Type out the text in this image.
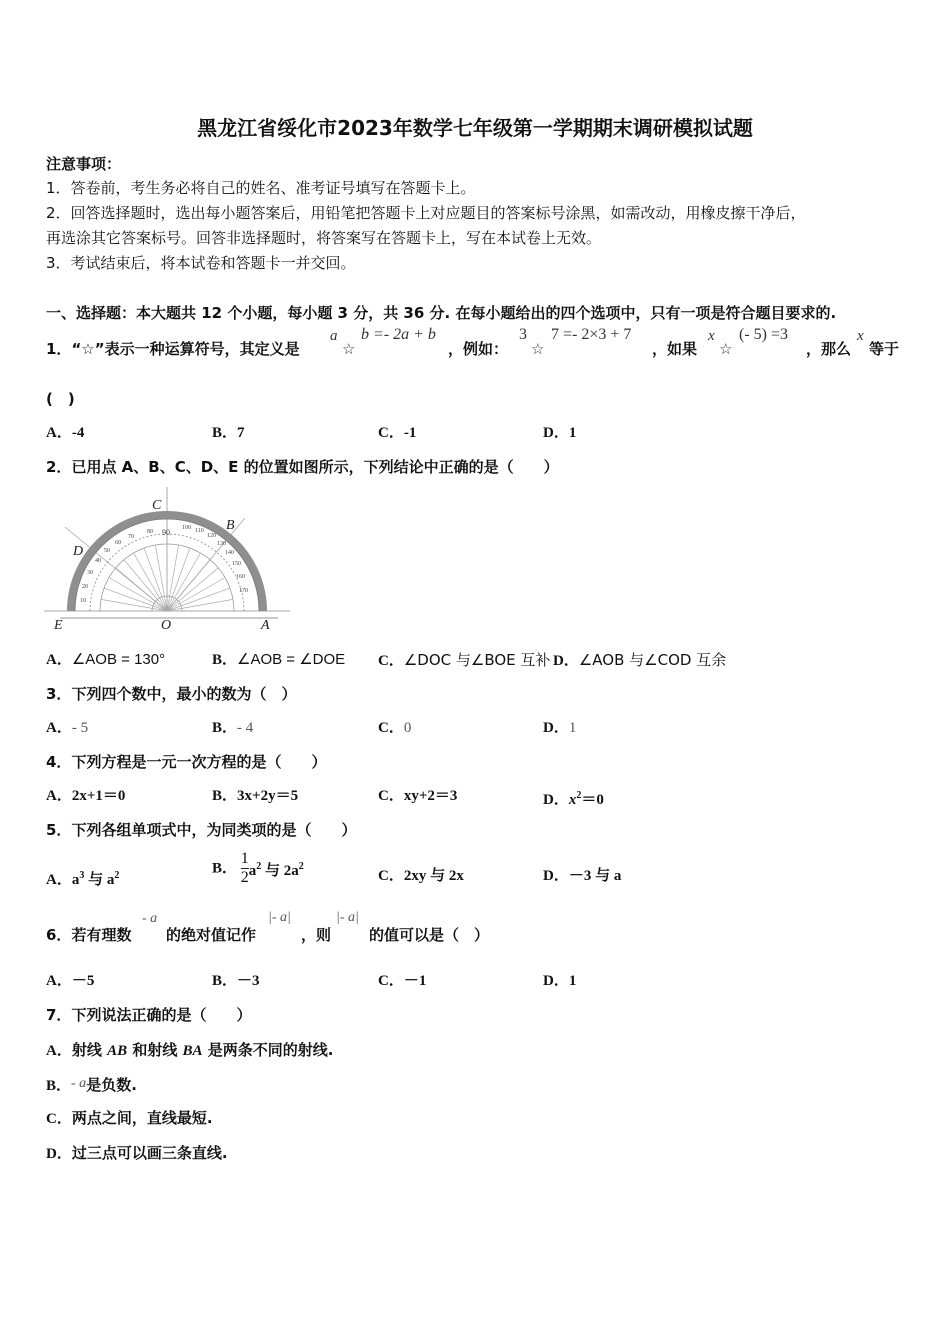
黑龙江省绥化市2023年数学七年级第一学期期末调研模拟试题
注意事项：
1．答卷前，考生务必将自己的姓名、准考证号填写在答题卡上。
2．回答选择题时，选出每小题答案后，用铅笔把答题卡上对应题目的答案标号涂黑，如需改动，用橡皮擦干净后，
再选涂其它答案标号。回答非选择题时，将答案写在答题卡上，写在本试卷上无效。
3．考试结束后，将本试卷和答题卡一并交回。
一、选择题：本大题共 12 个小题，每小题 3 分，共 36 分. 在每小题给出的四个选项中，只有一项是符合题目要求的.
1．“☆”表示一种运算符号，其定义是
a
☆
b =- 2a + b
，例如：
3
☆
7 =- 2×3 + 7
，如果
x
☆
(- 5) =3
，那么
x
等于
(　)
A．-4	B．7	C．-1	D．1
2．已用点 A、B、C、D、E 的位置如图所示，下列结论中正确的是（　　）
10
20
30
40
50
60
70
80 90 100 110
120
130
140
150
160
170
C
B
D
E	O	A
A．∠AOB = 130°	B．∠AOB = ∠DOE C．∠DOC 与∠BOE 互补 D．∠AOB 与∠COD 互余
3．下列四个数中，最小的数为（　）
A．- 5	B．- 4	C．0	D．1
4．下列方程是一元一次方程的是（　　）
A．2x+1＝0	B．3x+2y＝5	C．xy+2＝3	D．$x^2=0$
5．下列各组单项式中，为同类项的是（　　）
A．$a^3$ 与 $a^2$	B． $\frac{1}{2} a^2$ 与 $2a^2$
C．2xy 与 2x	D．－3 与 a
6．若有理数
- a
的绝对值记作
|- a|
，则
|- a|
的值可以是（　）
A．－5	B．－3	C．－1	D．1
7．下列说法正确的是（　　）
A．射线 AB 和射线 BA 是两条不同的射线.
B．- a是负数.
C．两点之间，直线最短.
D．过三点可以画三条直线.
